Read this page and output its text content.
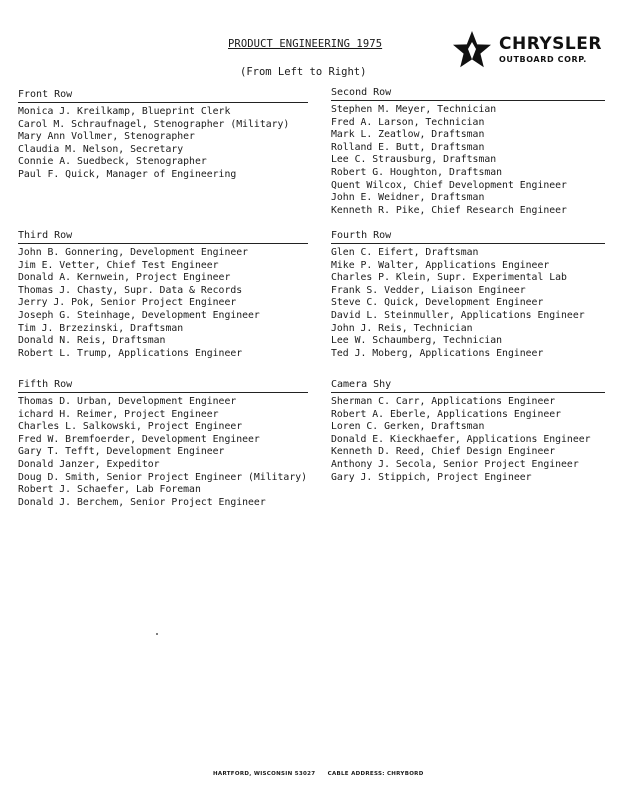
PRODUCT ENGINEERING 1975
(From Left to Right)
CHRYSLER
OUTBOARD CORP.
Front Row
Monica J. Kreilkamp, Blueprint Clerk
Carol M. Schraufnagel, Stenographer (Military)
Mary Ann Vollmer, Stenographer
Claudia M. Nelson, Secretary
Connie A. Suedbeck, Stenographer
Paul F. Quick, Manager of Engineering
Second Row
Stephen M. Meyer, Technician
Fred A. Larson, Technician
Mark L. Zeatlow, Draftsman
Rolland E. Butt, Draftsman
Lee C. Strausburg, Draftsman
Robert G. Houghton, Draftsman
Quent Wilcox, Chief Development Engineer
John E. Weidner, Draftsman
Kenneth R. Pike, Chief Research Engineer
Third Row
John B. Gonnering, Development Engineer
Jim E. Vetter, Chief Test Engineer
Donald A. Kernwein, Project Engineer
Thomas J. Chasty, Supr. Data & Records
Jerry J. Pok, Senior Project Engineer
Joseph G. Steinhage, Development Engineer
Tim J. Brzezinski, Draftsman
Donald N. Reis, Draftsman
Robert L. Trump, Applications Engineer
Fourth Row
Glen C. Eifert, Draftsman
Mike P. Walter, Applications Engineer
Charles P. Klein, Supr. Experimental Lab
Frank S. Vedder, Liaison Engineer
Steve C. Quick, Development Engineer
David L. Steinmuller, Applications Engineer
John J. Reis, Technician
Lee W. Schaumberg, Technician
Ted J. Moberg, Applications Engineer
Fifth Row
Thomas D. Urban, Development Engineer
ichard H. Reimer, Project Engineer
Charles L. Salkowski, Project Engineer
Fred W. Bremfoerder, Development Engineer
Gary T. Tefft, Development Engineer
Donald Janzer, Expeditor
Doug D. Smith, Senior Project Engineer (Military)
Robert J. Schaefer, Lab Foreman
Donald J. Berchem, Senior Project Engineer
Camera Shy
Sherman C. Carr, Applications Engineer
Robert A. Eberle, Applications Engineer
Loren C. Gerken, Draftsman
Donald E. Kieckhaefer, Applications Engineer
Kenneth D. Reed, Chief Design Engineer
Anthony J. Secola, Senior Project Engineer
Gary J. Stippich, Project Engineer
HARTFORD, WISCONSIN 53027 CABLE ADDRESS: CHRYBORD
